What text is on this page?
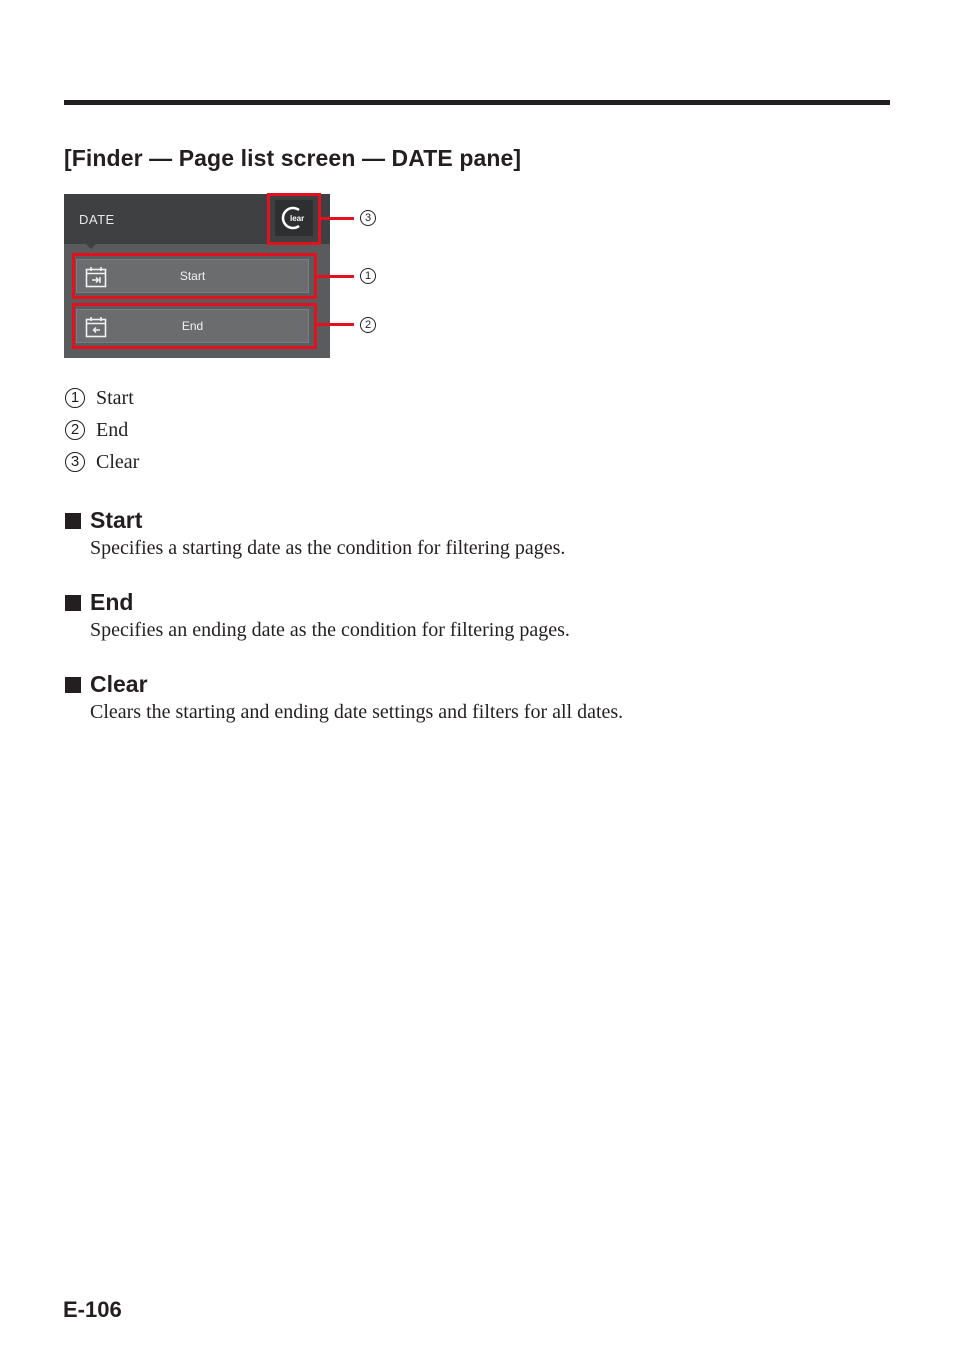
[Finder — Page list screen — DATE pane]
DATE	lear
Start
End
3
1
2
1 Start
2 End
3 Clear
Start

Specifies a starting date as the condition for filtering pages.

End

Specifies an ending date as the condition for filtering pages.

Clear

Clears the starting and ending date settings and filters for all dates.

E-106
